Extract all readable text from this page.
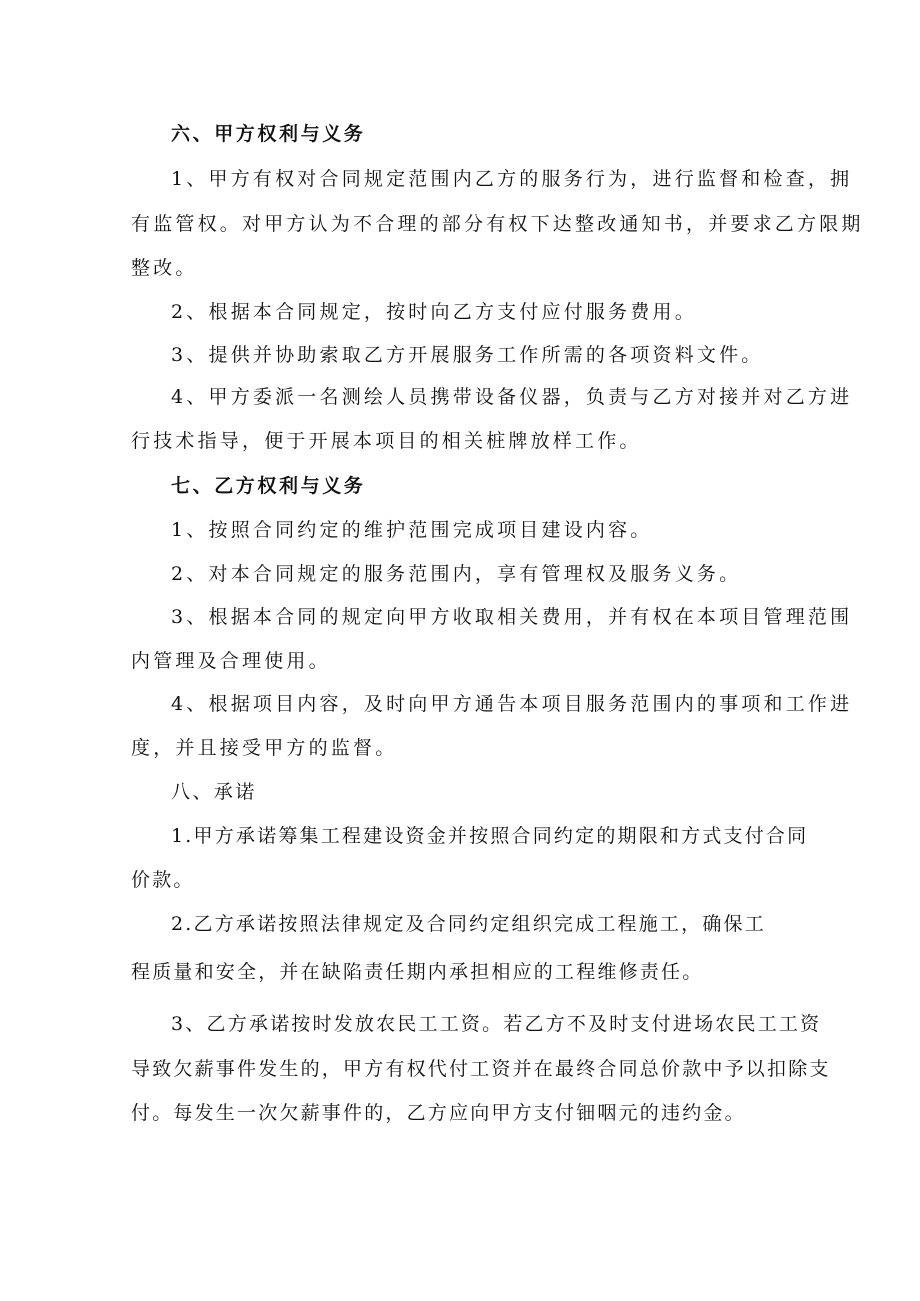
六、甲方权利与义务
1、甲方有权对合同规定范围内乙方的服务行为，进行监督和检查，拥
有监管权。对甲方认为不合理的部分有权下达整改通知书，并要求乙方限期
整改。
2、根据本合同规定，按时向乙方支付应付服务费用。
3、提供并协助索取乙方开展服务工作所需的各项资料文件。
4、甲方委派一名测绘人员携带设备仪器，负责与乙方对接并对乙方进
行技术指导，便于开展本项目的相关桩牌放样工作。
七、乙方权利与义务
1、按照合同约定的维护范围完成项目建设内容。
2、对本合同规定的服务范围内，享有管理权及服务义务。
3、根据本合同的规定向甲方收取相关费用，并有权在本项目管理范围
内管理及合理使用。
4、根据项目内容，及时向甲方通告本项目服务范围内的事项和工作进
度，并且接受甲方的监督。
八、承诺
1.甲方承诺筹集工程建设资金并按照合同约定的期限和方式支付合同
价款。
2.乙方承诺按照法律规定及合同约定组织完成工程施工，确保工
程质量和安全，并在缺陷责任期内承担相应的工程维修责任。
3、乙方承诺按时发放农民工工资。若乙方不及时支付进场农民工工资
导致欠薪事件发生的，甲方有权代付工资并在最终合同总价款中予以扣除支
付。每发生一次欠薪事件的，乙方应向甲方支付钿咽元的违约金。
